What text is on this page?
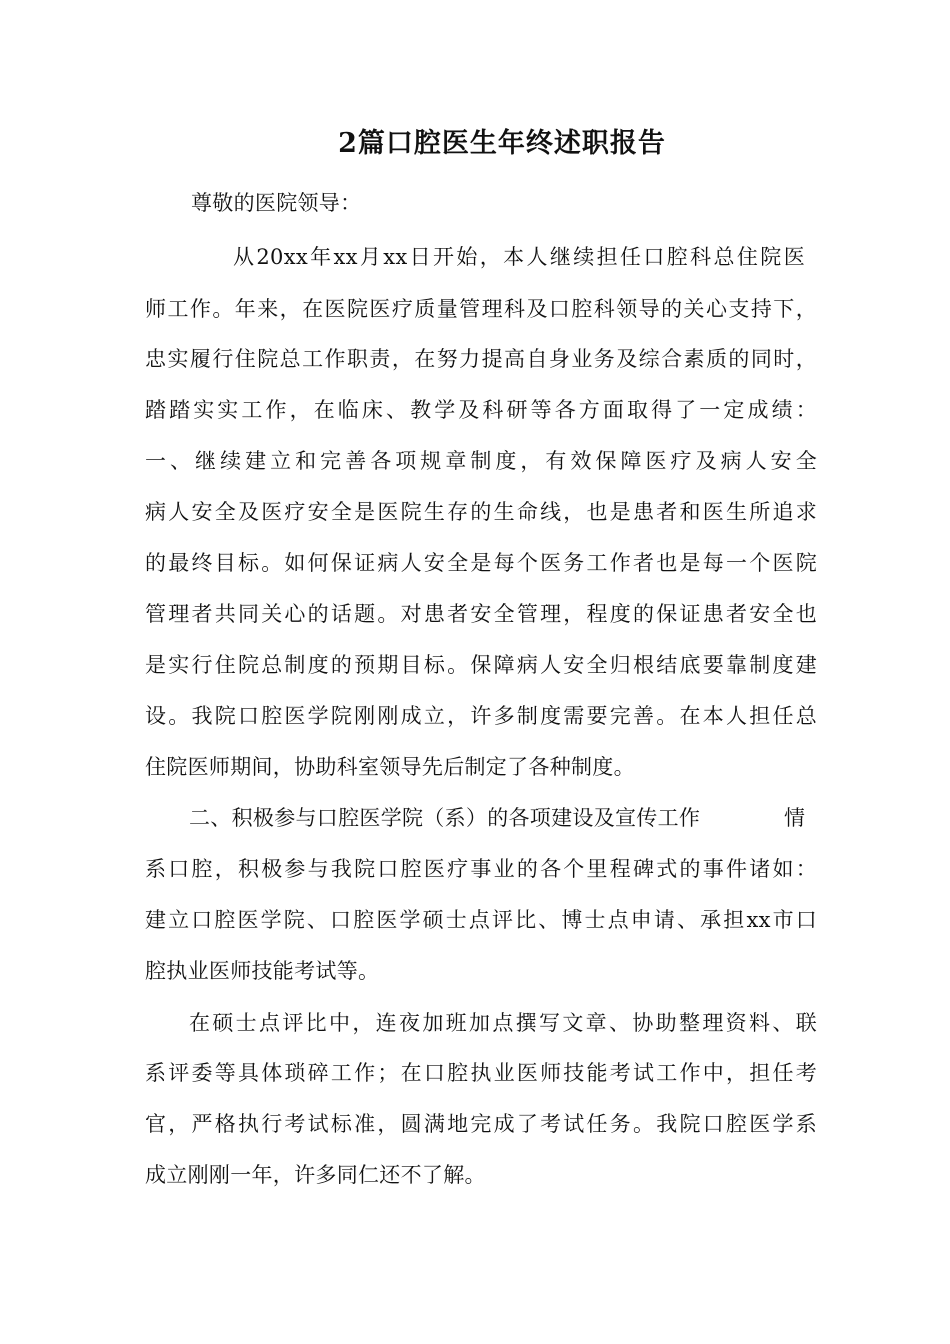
2篇口腔医生年终述职报告
尊敬的医院领导：
从20xx年xx月xx日开始，本人继续担任口腔科总住院医
师工作。年来，在医院医疗质量管理科及口腔科领导的关心支持下，
忠实履行住院总工作职责，在努力提高自身业务及综合素质的同时，
踏踏实实工作，在临床、教学及科研等各方面取得了一定成绩：
一、继续建立和完善各项规章制度，有效保障医疗及病人安全
病人安全及医疗安全是医院生存的生命线，也是患者和医生所追求
的最终目标。如何保证病人安全是每个医务工作者也是每一个医院
管理者共同关心的话题。对患者安全管理，程度的保证患者安全也
是实行住院总制度的预期目标。保障病人安全归根结底要靠制度建
设。我院口腔医学院刚刚成立，许多制度需要完善。在本人担任总
住院医师期间，协助科室领导先后制定了各种制度。
二、积极参与口腔医学院（系）的各项建设及宣传工作	情
系口腔，积极参与我院口腔医疗事业的各个里程碑式的事件诸如：
建立口腔医学院、口腔医学硕士点评比、博士点申请、承担xx市口
腔执业医师技能考试等。
在硕士点评比中，连夜加班加点撰写文章、协助整理资料、联
系评委等具体琐碎工作；在口腔执业医师技能考试工作中，担任考
官，严格执行考试标准，圆满地完成了考试任务。我院口腔医学系
成立刚刚一年，许多同仁还不了解。
